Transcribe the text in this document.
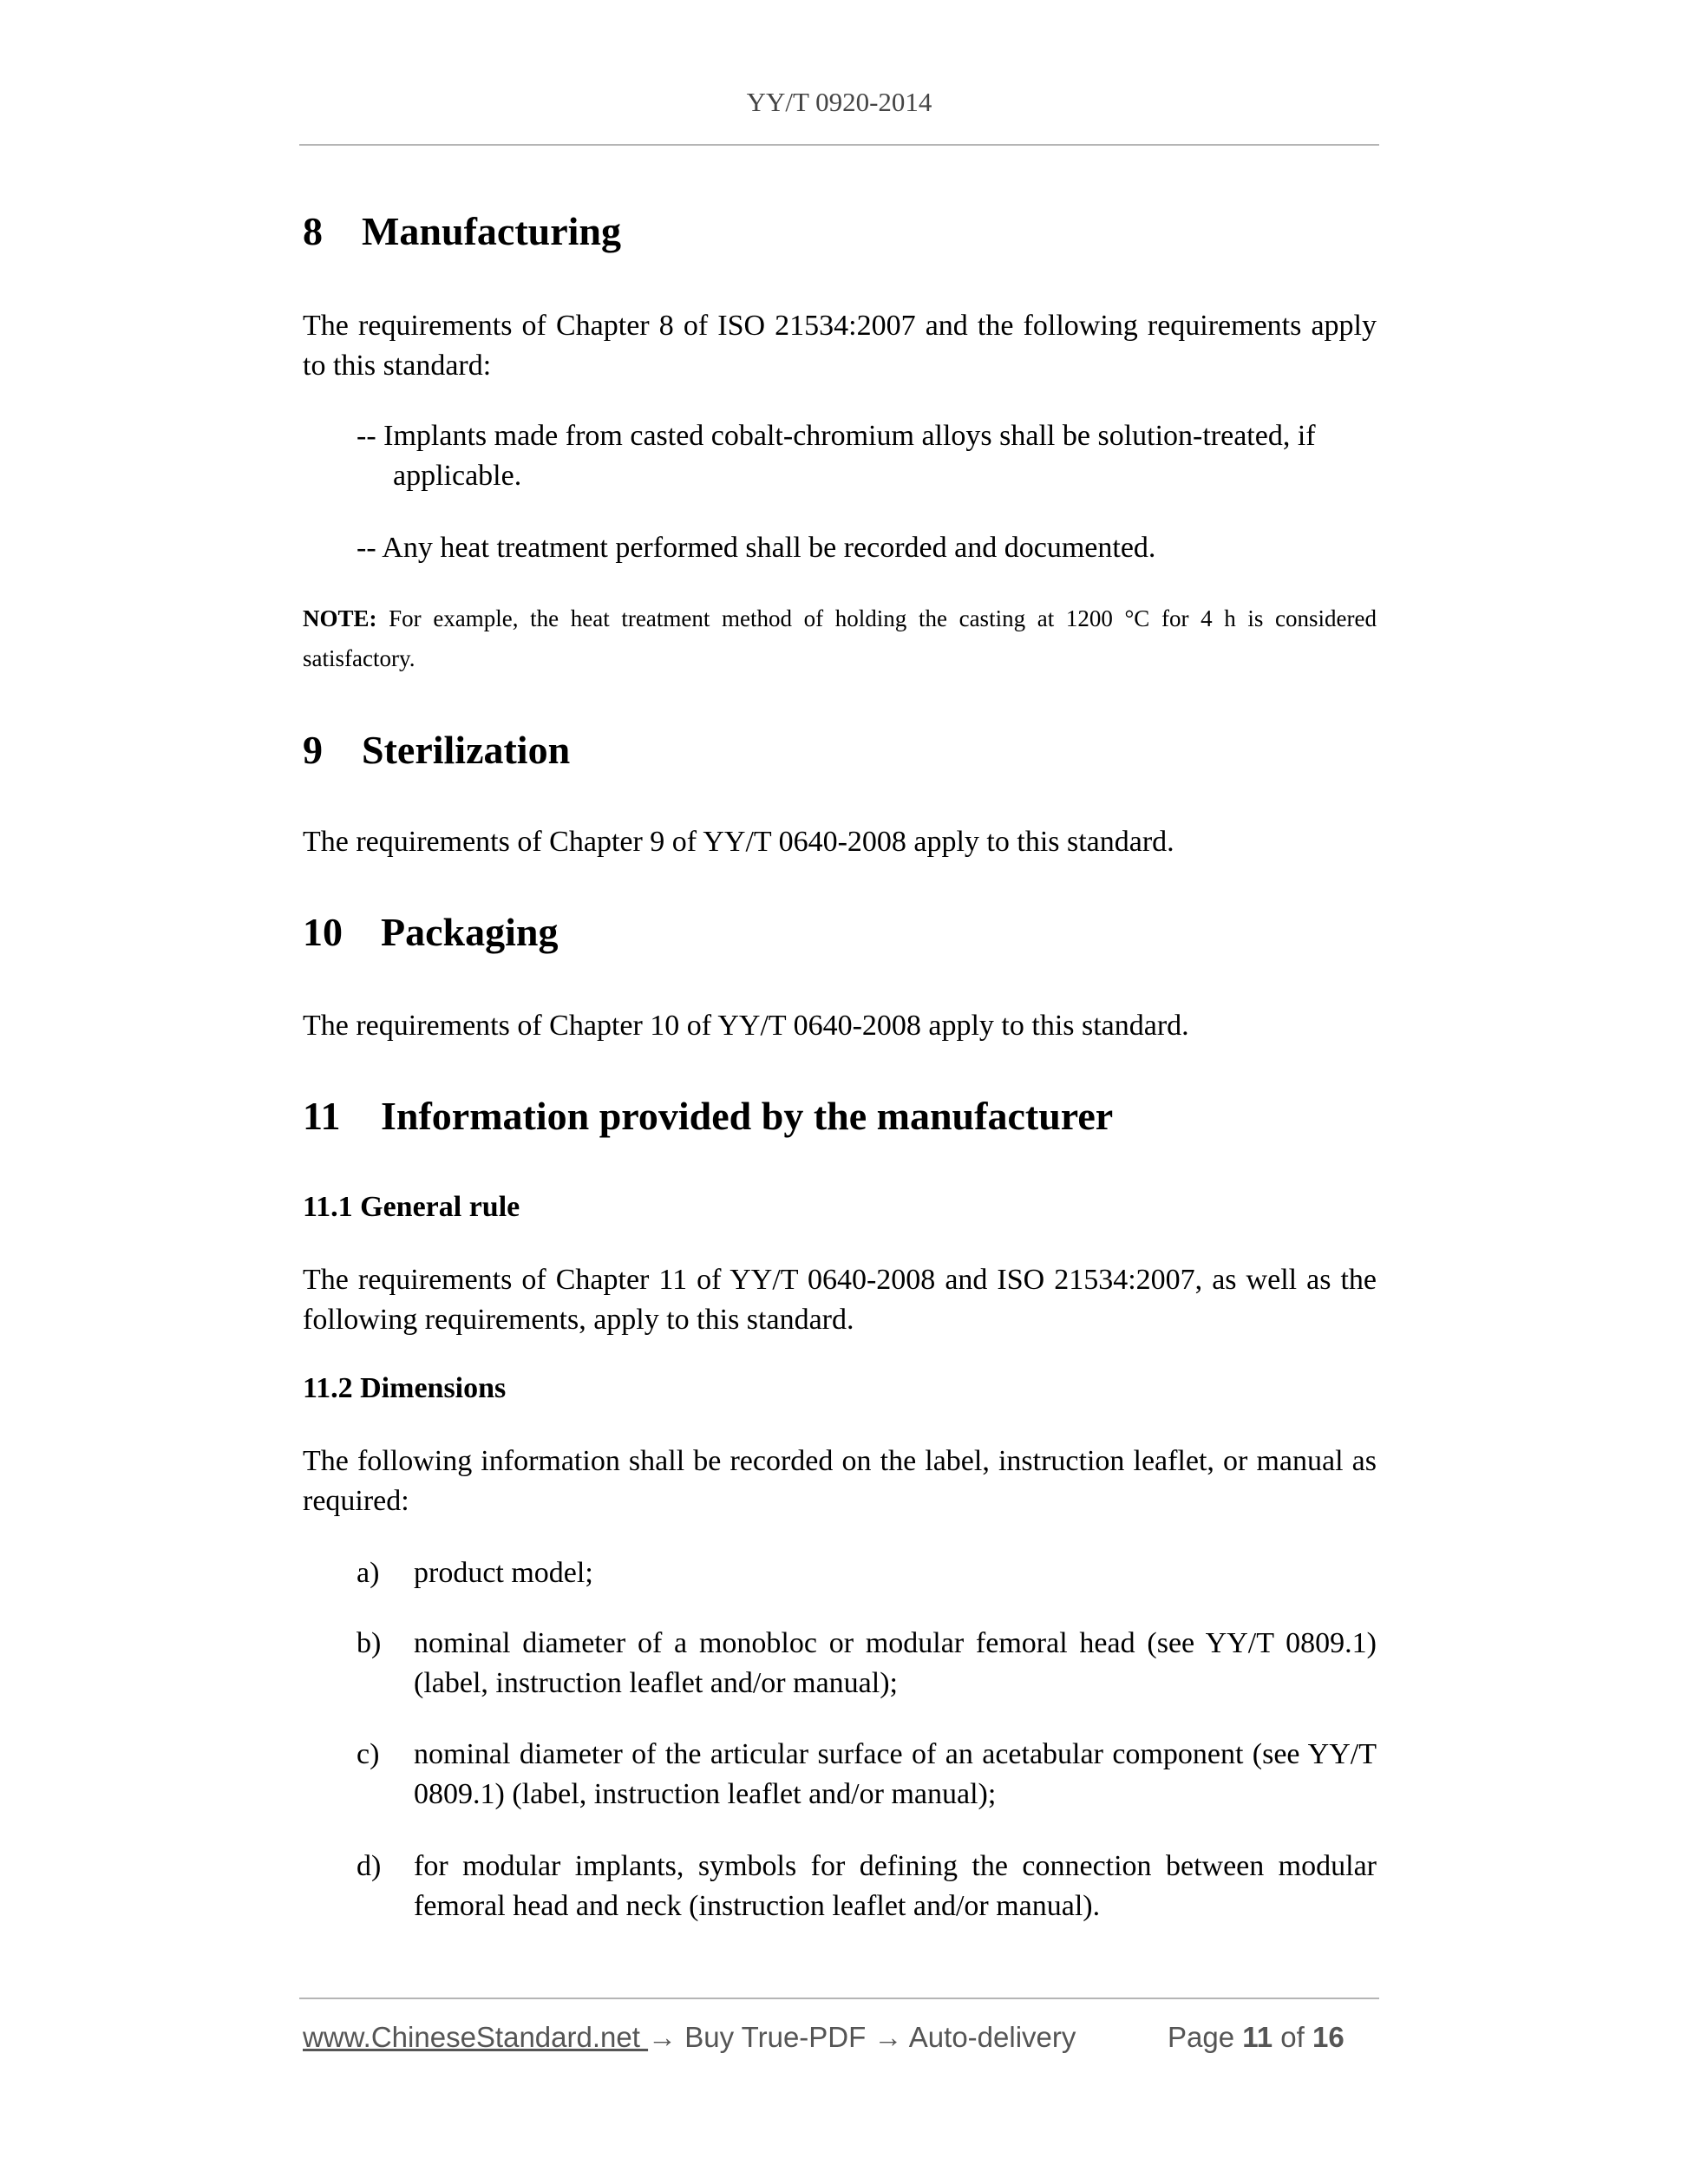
YY/T 0920-2014
8 Manufacturing
The requirements of Chapter 8 of ISO 21534:2007 and the following requirements apply to this standard:
-- Implants made from casted cobalt-chromium alloys shall be solution-treated, if
applicable.
-- Any heat treatment performed shall be recorded and documented.
NOTE: For example, the heat treatment method of holding the casting at 1200 °C for 4 h is considered satisfactory.
9 Sterilization
The requirements of Chapter 9 of YY/T 0640-2008 apply to this standard.
10 Packaging
The requirements of Chapter 10 of YY/T 0640-2008 apply to this standard.
11 Information provided by the manufacturer
11.1 General rule
The requirements of Chapter 11 of YY/T 0640-2008 and ISO 21534:2007, as well as the following requirements, apply to this standard.
11.2 Dimensions
The following information shall be recorded on the label, instruction leaflet, or manual as required:
a) product model;
b) nominal diameter of a monobloc or modular femoral head (see YY/T 0809.1) (label, instruction leaflet and/or manual);
c) nominal diameter of the articular surface of an acetabular component (see YY/T 0809.1) (label, instruction leaflet and/or manual);
d) for modular implants, symbols for defining the connection between modular femoral head and neck (instruction leaflet and/or manual).
www.ChineseStandard.net → Buy True-PDF → Auto-delivery	Page 11 of 16
